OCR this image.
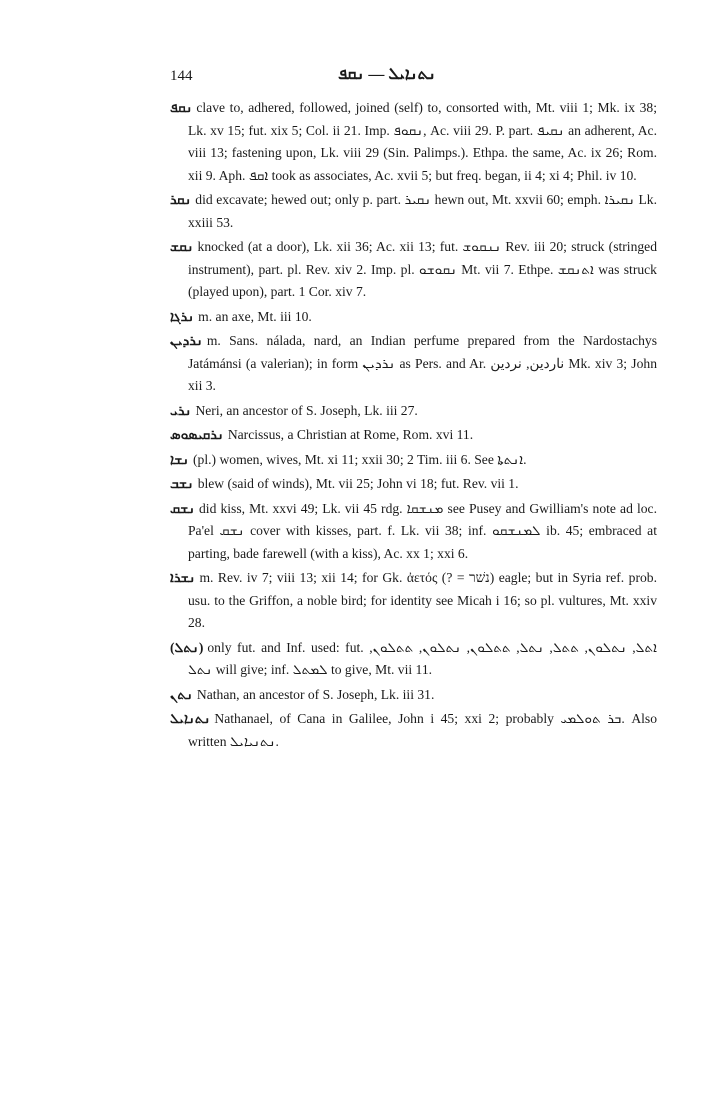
144	ܢܬܢܐܝܠ — ܢܩܦ

ܢܩܦ clave to, adhered, followed, joined (self) to, consorted with, Mt. viii 1; Mk. ix 38; Lk. xv 15; fut. xix 5; Col. ii 21. Imp. ܢܩܘܦ, Ac. viii 29. P. part. ܢܩܝܦ an adherent, Ac. viii 13; fastening upon, Lk. viii 29 (Sin. Palimps.). Ethpa. the same, Ac. ix 26; Rom. xii 9. Aph. ܐܩܦ took as associates, Ac. xvii 5; but freq. began, ii 4; xi 4; Phil. iv 10.

ܢܩܪ did excavate; hewed out; only p. part. ܢܩܝܪ hewn out, Mt. xxvii 60; emph. ܢܩܝܪܐ Lk. xxiii 53.

ܢܩܫ knocked (at a door), Lk. xii 36; Ac. xii 13; fut. ܢܢܩܘܫ Rev. iii 20; struck (stringed instrument), part. pl. Rev. xiv 2. Imp. pl. ܢܩܘܫܘ Mt. vii 7. Ethpe. ܐܬܢܩܫ was struck (played upon), part. 1 Cor. xiv 7.

ܢܪܓܐ m. an axe, Mt. iii 10.

ܢܪܕܝܢ m. Sans. nálada, nard, an Indian perfume prepared from the Nardostachys Jatámánsi (a valerian); in form ܢܪܕܝܢ as Pers. and Ar. ناردين, نردين Mk. xiv 3; John xii 3.

ܢܪܝ Neri, an ancestor of S. Joseph, Lk. iii 27.

ܢܪܩܝܣܘܣ Narcissus, a Christian at Rome, Rom. xvi 11.

ܢܫܐ (pl.) women, wives, Mt. xi 11; xxii 30; 2 Tim. iii 6. See ܐܢܬܬܐ.

ܢܫܒ blew (said of winds), Mt. vii 25; John vi 18; fut. Rev. vii 1.

ܢܫܩ did kiss, Mt. xxvi 49; Lk. vii 45 rdg. ܡܢܫܩܐ see Pusey and Gwilliam's note ad loc. Pa'el ܢܫܩ cover with kisses, part. f. Lk. vii 38; inf. ܠܡܢܫܩܘ ib. 45; embraced at parting, bade farewell (with a kiss), Ac. xx 1; xxi 6.

ܢܫܪܐ m. Rev. iv 7; viii 13; xii 14; for Gk. ἀετός (? = נשׁר) eagle; but in Syria ref. prob. usu. to the Griffon, a noble bird; for identity see Micah i 16; so pl. vultures, Mt. xxiv 28.

(ܢܬܠ) only fut. and Inf. used: fut. ܐܬܠ, ܢܬܠܘܢ, ܬܬܠ, ܢܬܠ, ܬܬܠܘܢ, ܢܬܠܘܢ, ܬܬܠܘܢ, ܢܬܠ will give; inf. ܠܡܬܠ to give, Mt. vii 11.

ܢܬܢ Nathan, an ancestor of S. Joseph, Lk. iii 31.

ܢܬܢܐܝܠ Nathanael, of Cana in Galilee, John i 45; xxi 2; probably ܒܪ ܬܘܠܡܝ. Also written ܢܬܢܝܐܝܠ.
